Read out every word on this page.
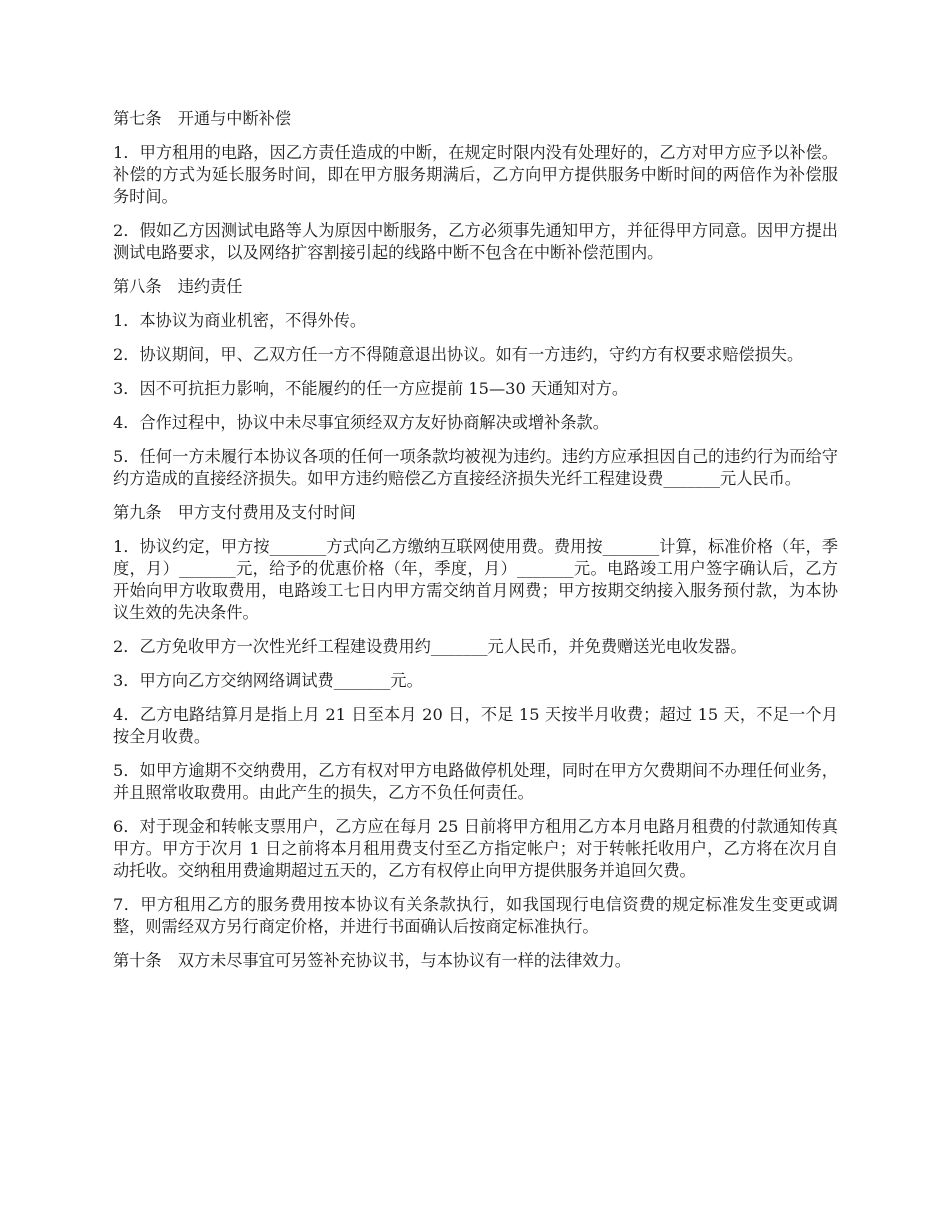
第七条　开通与中断补偿
1．甲方租用的电路，因乙方责任造成的中断，在规定时限内没有处理好的，乙方对甲方应予以补偿。补偿的方式为延长服务时间，即在甲方服务期满后，乙方向甲方提供服务中断时间的两倍作为补偿服务时间。
2．假如乙方因测试电路等人为原因中断服务，乙方必须事先通知甲方，并征得甲方同意。因甲方提出测试电路要求，以及网络扩容割接引起的线路中断不包含在中断补偿范围内。
第八条　违约责任
1．本协议为商业机密，不得外传。
2．协议期间，甲、乙双方任一方不得随意退出协议。如有一方违约，守约方有权要求赔偿损失。
3．因不可抗拒力影响，不能履约的任一方应提前 15—30 天通知对方。
4．合作过程中，协议中未尽事宜须经双方友好协商解决或增补条款。
5．任何一方未履行本协议各项的任何一项条款均被视为违约。违约方应承担因自己的违约行为而给守约方造成的直接经济损失。如甲方违约赔偿乙方直接经济损失光纤工程建设费_______元人民币。
第九条　甲方支付费用及支付时间
1．协议约定，甲方按_______方式向乙方缴纳互联网使用费。费用按_______计算，标准价格（年，季度，月）_______元，给予的优惠价格（年，季度，月）_______元。电路竣工用户签字确认后，乙方开始向甲方收取费用，电路竣工七日内甲方需交纳首月网费；甲方按期交纳接入服务预付款，为本协议生效的先决条件。
2．乙方免收甲方一次性光纤工程建设费用约_______元人民币，并免费赠送光电收发器。
3．甲方向乙方交纳网络调试费_______元。
4．乙方电路结算月是指上月 21 日至本月 20 日，不足 15 天按半月收费；超过 15 天，不足一个月按全月收费。
5．如甲方逾期不交纳费用，乙方有权对甲方电路做停机处理，同时在甲方欠费期间不办理任何业务，并且照常收取费用。由此产生的损失，乙方不负任何责任。
6．对于现金和转帐支票用户，乙方应在每月 25 日前将甲方租用乙方本月电路月租费的付款通知传真甲方。甲方于次月 1 日之前将本月租用费支付至乙方指定帐户；对于转帐托收用户，乙方将在次月自动托收。交纳租用费逾期超过五天的，乙方有权停止向甲方提供服务并追回欠费。
7．甲方租用乙方的服务费用按本协议有关条款执行，如我国现行电信资费的规定标准发生变更或调整，则需经双方另行商定价格，并进行书面确认后按商定标准执行。
第十条　双方未尽事宜可另签补充协议书，与本协议有一样的法律效力。
